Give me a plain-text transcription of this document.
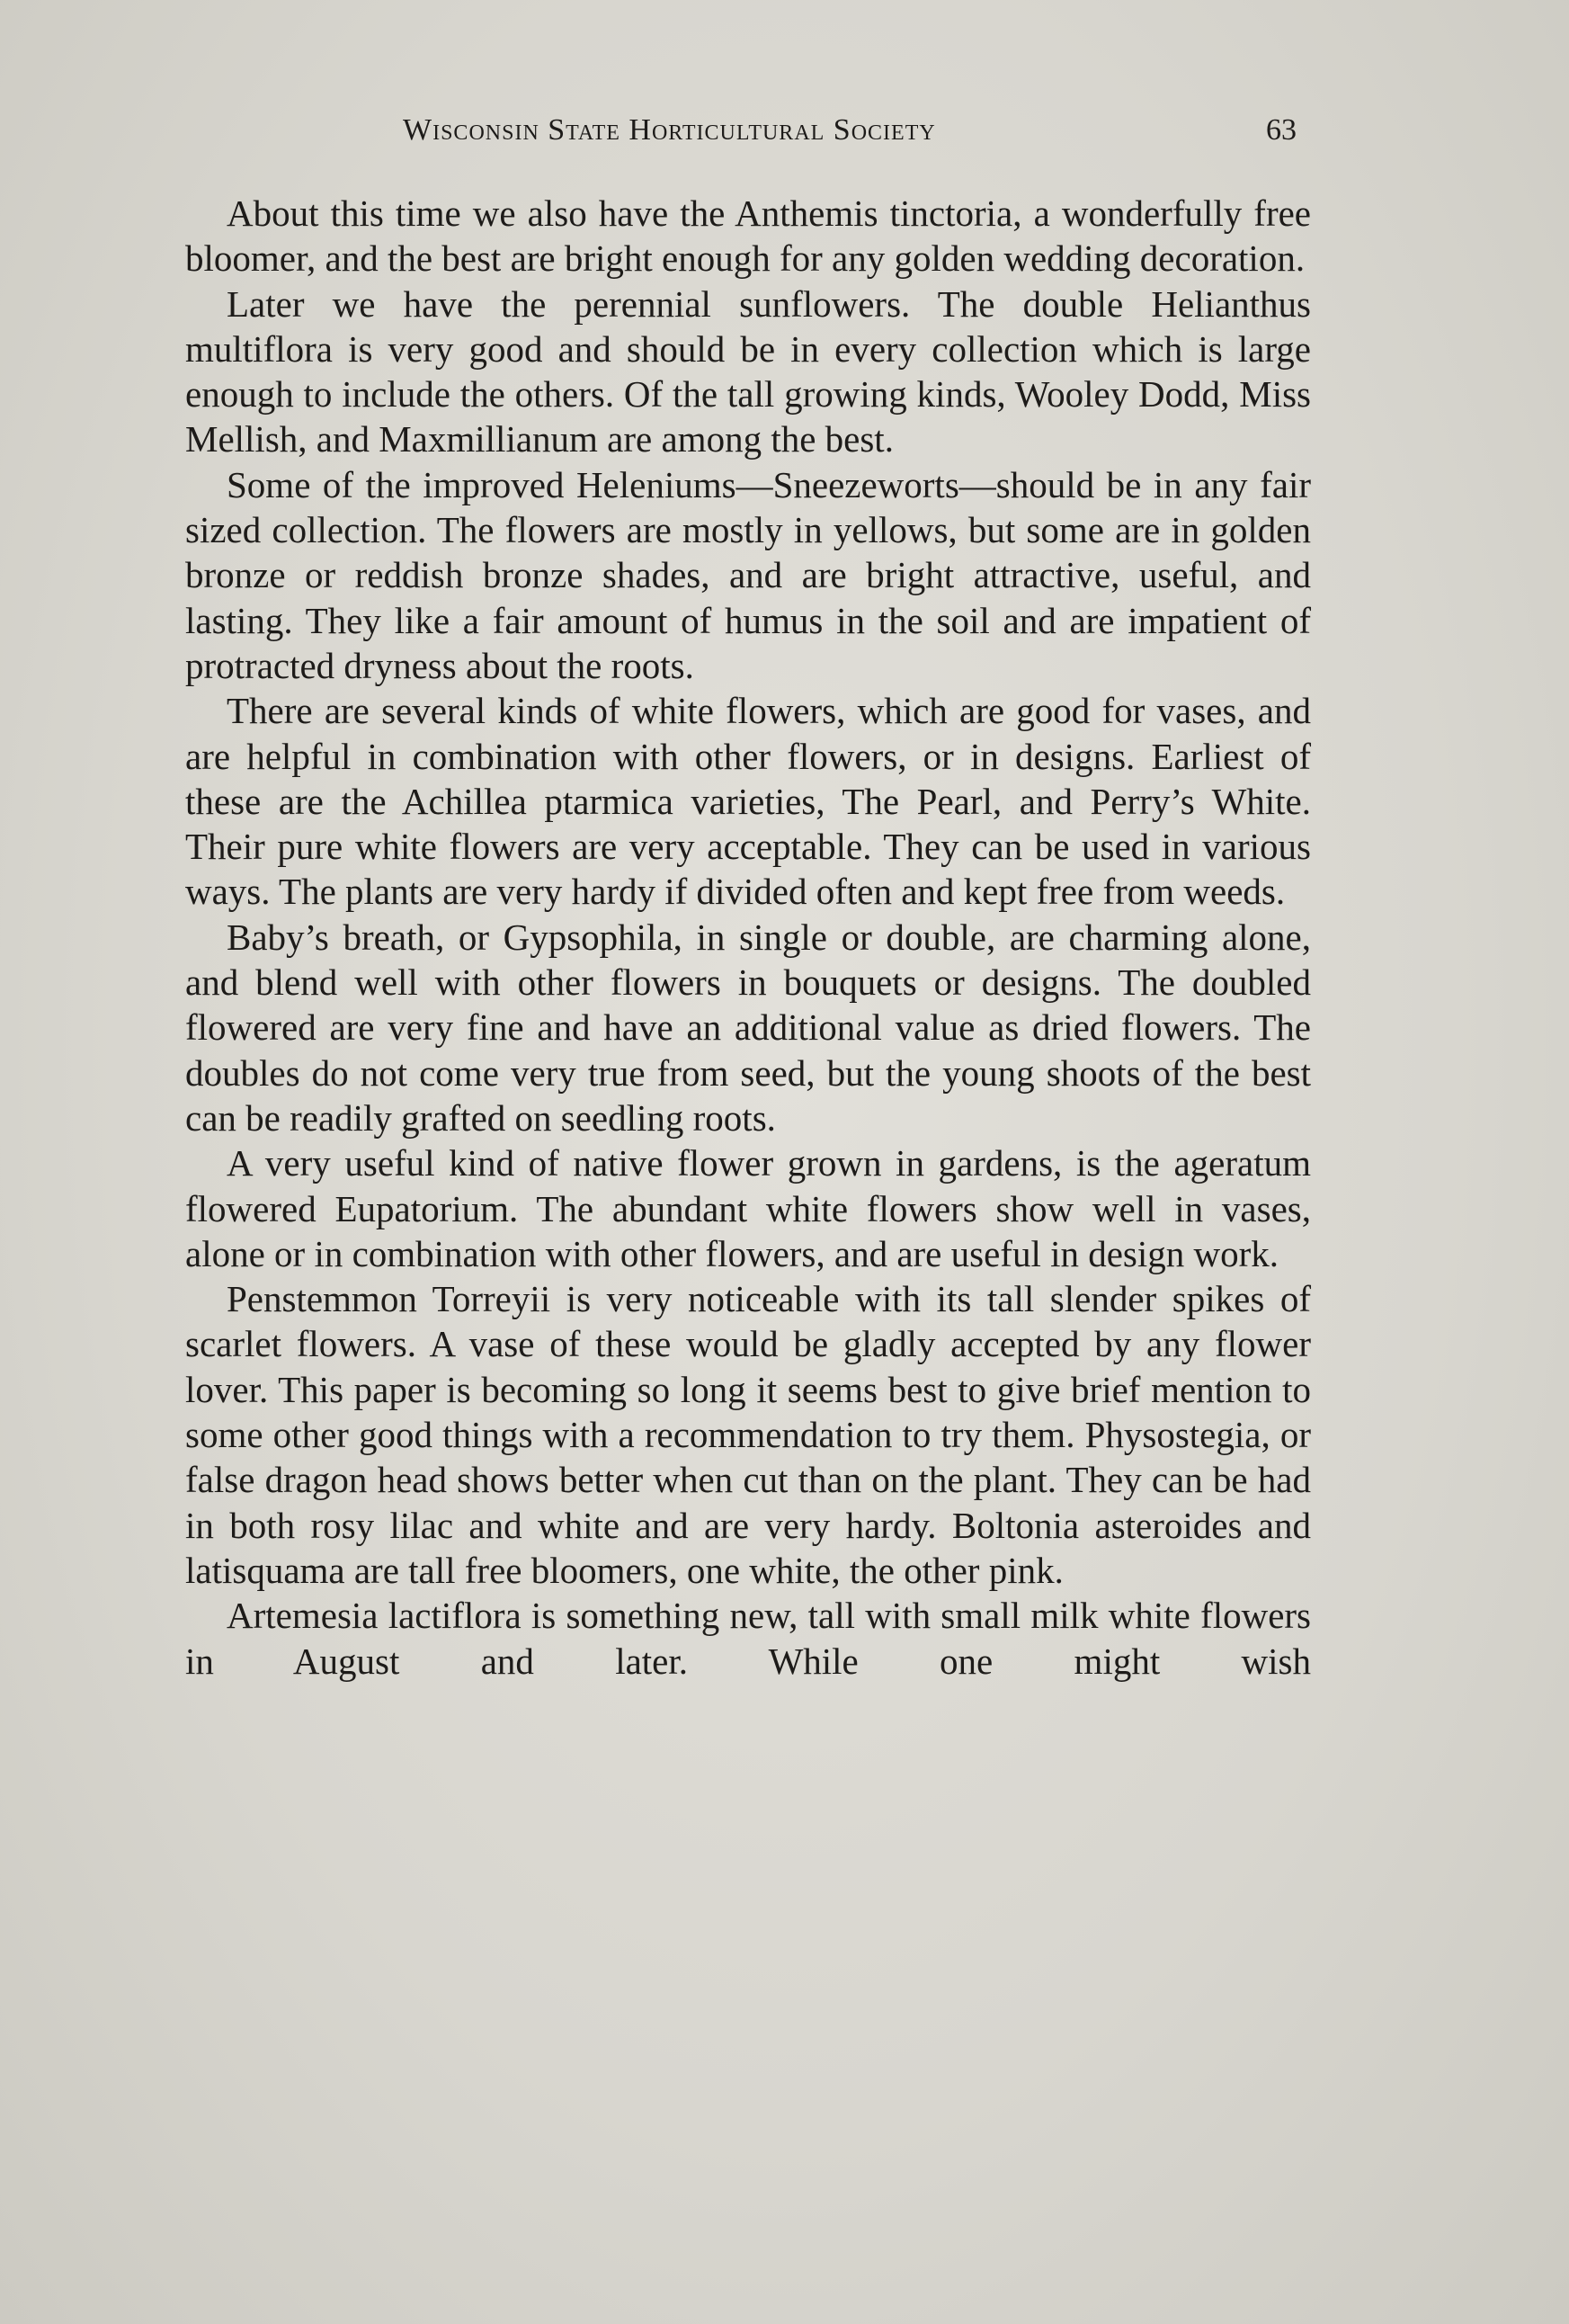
Wisconsin State Horticultural Society	63

About this time we also have the Anthemis tinctoria, a wonderfully free bloomer, and the best are bright enough for any golden wedding decoration.

Later we have the perennial sunflowers. The double Helianthus multiflora is very good and should be in every collection which is large enough to include the others. Of the tall growing kinds, Wooley Dodd, Miss Mellish, and Maxmillianum are among the best.

Some of the improved Heleniums—Sneezeworts—should be in any fair sized collection. The flowers are mostly in yellows, but some are in golden bronze or reddish bronze shades, and are bright attractive, useful, and lasting. They like a fair amount of humus in the soil and are impatient of protracted dryness about the roots.

There are several kinds of white flowers, which are good for vases, and are helpful in combination with other flowers, or in designs. Earliest of these are the Achillea ptarmica varieties, The Pearl, and Perry’s White. Their pure white flowers are very acceptable. They can be used in various ways. The plants are very hardy if divided often and kept free from weeds.

Baby’s breath, or Gypsophila, in single or double, are charming alone, and blend well with other flowers in bouquets or designs. The doubled flowered are very fine and have an additional value as dried flowers. The doubles do not come very true from seed, but the young shoots of the best can be readily grafted on seedling roots.

A very useful kind of native flower grown in gardens, is the ageratum flowered Eupatorium. The abundant white flowers show well in vases, alone or in combination with other flowers, and are useful in design work.

Penstemmon Torreyii is very noticeable with its tall slender spikes of scarlet flowers. A vase of these would be gladly accepted by any flower lover. This paper is becoming so long it seems best to give brief mention to some other good things with a recommendation to try them. Physostegia, or false dragon head shows better when cut than on the plant. They can be had in both rosy lilac and white and are very hardy. Boltonia asteroides and latisquama are tall free bloomers, one white, the other pink.

Artemesia lactiflora is something new, tall with small milk white flowers in August and later. While one might wish
